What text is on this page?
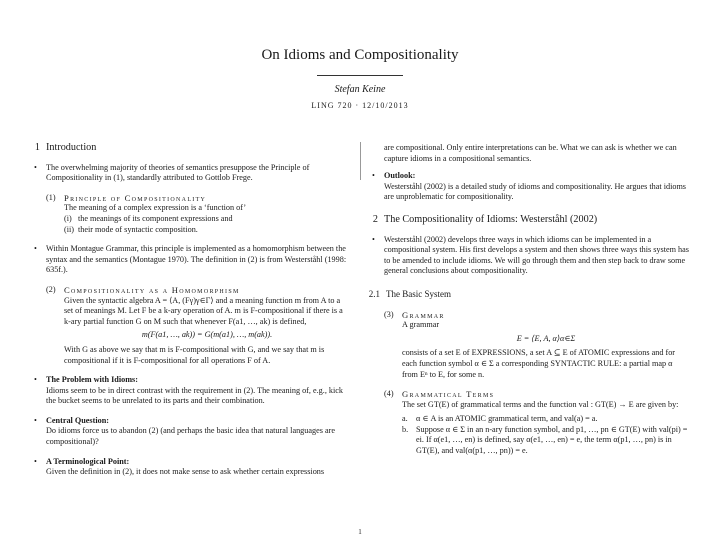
On Idioms and Compositionality
Stefan Keine
LING 720 · 12/10/2013
1 Introduction
• The overwhelming majority of theories of semantics presuppose the Principle of Compositionality in (1), standardly attributed to Gottlob Frege.
(1) Principle of Compositionality
The meaning of a complex expression is a ‘function of’
(i) the meanings of its component expressions and
(ii) their mode of syntactic composition.
• Within Montague Grammar, this principle is implemented as a homomorphism between the syntax and the semantics (Montague 1970). The definition in (2) is from Westerståhl (1998: 635f.).
(2) Compositionality as a Homomorphism
Given the syntactic algebra A = ⟨A, (Fγ)γ∈Γ⟩ and a meaning function m from A to a set of meanings M. Let F be a k-ary operation of A. m is F-compositional if there is a k-ary partial function G on M such that whenever F(a1, …, ak) is defined,
m(F(a1, …, ak)) = G(m(a1), …, m(ak)).
With G as above we say that m is F-compositional with G, and we say that m is compositional if it is F-compositional for all operations F of A.
• The Problem with Idioms:
Idioms seem to be in direct contrast with the requirement in (2). The meaning of, e.g., kick the bucket seems to be unrelated to its parts and their combination.
• Central Question:
Do idioms force us to abandon (2) (and perhaps the basic idea that natural languages are compositional)?
• A Terminological Point:
Given the definition in (2), it does not make sense to ask whether certain expressions
are compositional. Only entire interpretations can be. What we can ask is whether we can capture idioms in a compositional semantics.
• Outlook:
Westerståhl (2002) is a detailed study of idioms and compositionality. He argues that idioms are unproblematic for compositionality.
2 The Compositionality of Idioms: Westerståhl (2002)
• Westerståhl (2002) develops three ways in which idioms can be implemented in a compositional system. His first develops a system and then shows three ways this system has to be amended to include idioms. We will go through them and then step back to draw some general conclusions about compositionality.
2.1 The Basic System
(3) Grammar
A grammar
E = ⟨E, A, α⟩α∈Σ
consists of a set E of EXPRESSIONS, a set A ⊆ E of ATOMIC expressions and for each function symbol α ∈ Σ a corresponding SYNTACTIC RULE: a partial map α from Eⁿ to E, for some n.
(4) Grammatical Terms
The set GT(E) of grammatical terms and the function val : GT(E) → E are given by:
a. α ∈ A is an ATOMIC grammatical term, and val(a) = a.
b. Suppose α ∈ Σ in an n-ary function symbol, and p1, …, pn ∈ GT(E) with val(pi) = ei. If α(e1, …, en) is defined, say α(e1, …, en) = e, the term α(p1, …, pn) is in GT(E), and val(α(p1, …, pn)) = e.
1
